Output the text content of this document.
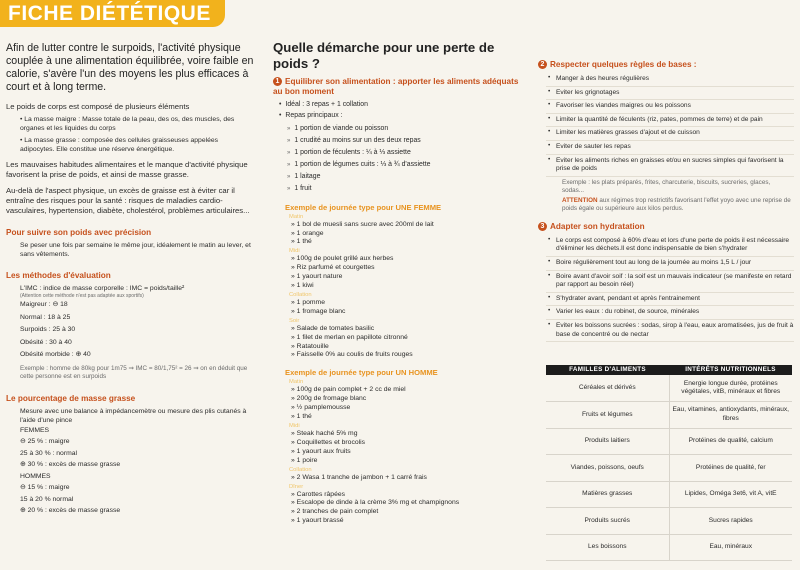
FICHE DIÉTÉTIQUE
Afin de lutter contre le surpoids, l'activité physique couplée à une alimentation équilibrée, voire faible en calorie, s'avère l'un des moyens les plus efficaces à court et à long terme.
Le poids de corps est composé de plusieurs éléments
• La masse maigre : Masse totale de la peau, des os, des muscles, des organes et les liquides du corps
• La masse grasse : composée des cellules graisseuses appelées adipocytes. Elle constitue une réserve énergétique.
Les mauvaises habitudes alimentaires et le manque d'activité physique favorisent la prise de poids, et ainsi de masse grasse.
Au-delà de l'aspect physique, un excès de graisse est à éviter car il entraîne des risques pour la santé : risques de maladies cardio-vasculaires, hypertension, diabète, cholestérol, problèmes articulaires...
Pour suivre son poids avec précision
Se peser une fois par semaine le même jour, idéalement le matin au lever, et sans vêtements.
Les méthodes d'évaluation
L'IMC : indice de masse corporelle : IMC = poids/taille²
(Attention cette méthode n'est pas adaptée aux sportifs)
Maigreur : ⊖ 18
Normal : 18 à 25
Surpoids : 25 à 30
Obésité : 30 à 40
Obésité morbide : ⊕ 40
Exemple : homme de 80kg pour 1m75 ⇒ IMC = 80/1,75² = 26 ⇒ on en déduit que cette personne est en surpoids
Le pourcentage de masse grasse
Mesure avec une balance à impédancemètre ou mesure des plis cutanés à l'aide d'une pince
FEMMES
⊖ 25 % : maigre
25 à 30 % : normal
⊕ 30 % : excès de masse grasse
HOMMES
⊖ 15 % : maigre
15 à 20 % normal
⊕ 20 % : excès de masse grasse
Quelle démarche pour une perte de poids ?
1 Equilibrer son alimentation : apporter les aliments adéquats au bon moment
• Idéal : 3 repas + 1 collation
• Repas principaux :
» 1 portion de viande ou poisson
» 1 crudité au moins sur un des deux repas
» 1 portion de féculents : ¼ à ⅓ assiette
» 1 portion de légumes cuits : ⅓ à ¾ d'assiette
» 1 laitage
» 1 fruit
Exemple de journée type pour UNE FEMME
Matin
» 1 bol de muesli sans sucre avec 200ml de lait
» 1 orange
» 1 thé
Midi
» 100g de poulet grillé aux herbes
» Riz parfumé et courgettes
» 1 yaourt nature
» 1 kiwi
Collation
» 1 pomme
» 1 fromage blanc
Soir
» Salade de tomates basilic
» 1 filet de merlan en papillote citronné
» Ratatouille
» Faisselle 0% au coulis de fruits rouges
Exemple de journée type pour UN HOMME
Matin
» 100g de pain complet + 2 cc de miel
» 200g de fromage blanc
» ½ pamplemousse
» 1 thé
Midi
» Steak haché 5% mg
» Coquillettes et brocolis
» 1 yaourt aux fruits
» 1 poire
Collation
» 2 Wasa 1 tranche de jambon + 1 carré frais
Dîner
» Carottes râpées
» Escalope de dinde à la crème 3% mg et champignons
» 2 tranches de pain complet
» 1 yaourt brassé
2 Respecter quelques règles de bases :
• Manger à des heures régulières
• Eviter les grignotages
• Favoriser les viandes maigres ou les poissons
• Limiter la quantité de féculents (riz, pates, pommes de terre) et de pain
• Limiter les matières grasses d'ajout et de cuisson
• Eviter de sauter les repas
• Eviter les aliments riches en graisses et/ou en sucres simples qui favorisent la prise de poids
Exemple : les plats préparés, frites, charcuterie, biscuits, sucreries, glaces, sodas...
ATTENTION aux régimes trop restrictifs favorisant l'effet yoyo avec une reprise de poids égale ou supérieure aux kilos perdus.
3 Adapter son hydratation
• Le corps est composé à 60% d'eau et lors d'une perte de poids il est nécessaire d'éliminer les déchets.Il est donc indispensable de bien s'hydrater
• Boire régulièrement tout au long de la journée au moins 1,5 L / jour
• Boire avant d'avoir soif : la soif est un mauvais indicateur (se manifeste en retard par rapport au besoin réel)
• S'hydrater avant, pendant et après l'entrainement
• Varier les eaux : du robinet, de source, minérales
• Eviter les boissons sucrées : sodas, sirop à l'eau, eaux aromatisées, jus de fruit à base de concentré ou de nectar
FAMILLES D'ALIMENTS	INTÉRÊTS NUTRITIONNELS
Céréales et dérivés	Energie longue durée, protéines végétales, vitB, minéraux et fibres
Fruits et légumes	Eau, vitamines, antioxydants, minéraux, fibres
Produits laitiers	Protéines de qualité, calcium
Viandes, poissons, oeufs	Protéines de qualité, fer
Matières grasses	Lipides, Oméga 3et6, vit A, vitE
Produits sucrés	Sucres rapides
Les boissons	Eau, minéraux
